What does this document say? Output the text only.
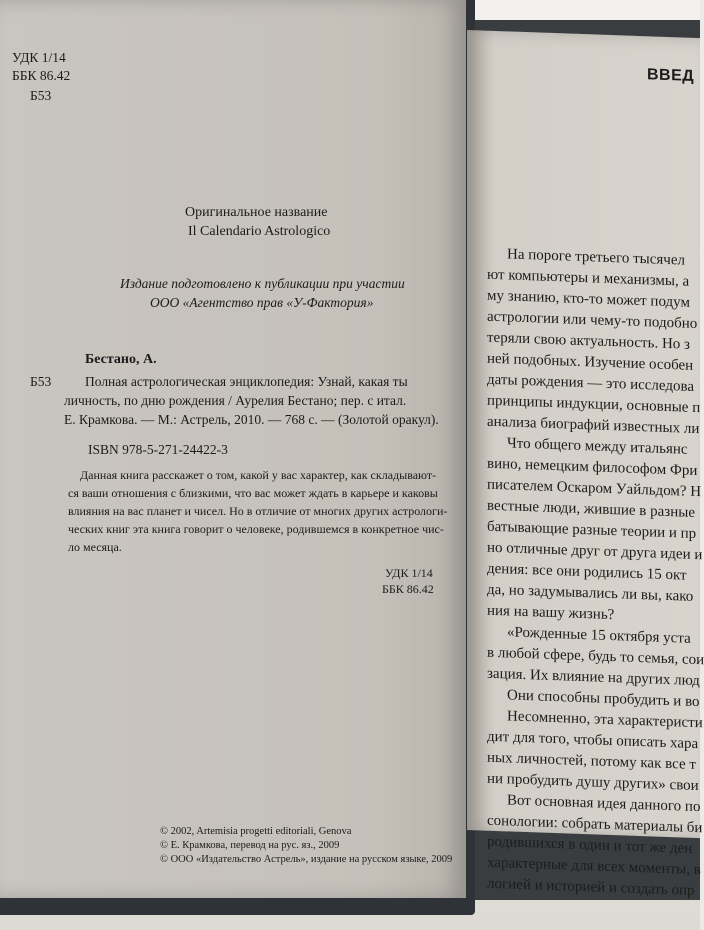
УДК 1/14
ББК 86.42
Б53
Оригинальное название
Il Calendario Astrologico
Издание подготовлено к публикации при участии
ООО «Агентство прав «У-Фактория»
Бестано, А.
Б53 Полная астрологическая энциклопедия: Узнай, какая ты
личность, по дню рождения / Аурелия Бестано; пер. с итал.
Е. Крамкова. — М.: Астрель, 2010. — 768 с. — (Золотой оракул).
ISBN 978-5-271-24422-3
Данная книга расскажет о том, какой у вас характер, как складывают-
ся ваши отношения с близкими, что вас может ждать в карьере и каковы
влияния на вас планет и чисел. Но в отличие от многих других астрологи-
ческих книг эта книга говорит о человеке, родившемся в конкретное чис-
ло месяца.
УДК 1/14
ББК 86.42
© 2002, Artemisia progetti editoriali, Genova
© Е. Крамкова, перевод на рус. яз., 2009
© ООО «Издательство Астрель», издание на русском языке, 2009
ВВЕД
На пороге третьего тысячел
ют компьютеры и механизмы, а
му знанию, кто-то может подум
астрологии или чему-то подобно
теряли свою актуальность. Но з
ней подобных. Изучение особен
даты рождения — это исследова
принципы индукции, основные п
анализа биографий известных ли
Что общего между итальянс
вино, немецким философом Фри
писателем Оскаром Уайльдом? Н
вестные люди, жившие в разные
батывающие разные теории и пр
но отличные друг от друга идеи и
дения: все они родились 15 окт
да, но задумывались ли вы, како
ния на вашу жизнь?
«Рожденные 15 октября уста
в любой сфере, будь то семья, сои
зация. Их влияние на других люд
Они способны пробудить и во
Несомненно, эта характеристи
дит для того, чтобы описать хара
ных личностей, потому как все т
ни пробудить душу других» свои
Вот основная идея данного по
сонологии: собрать материалы би
родившихся в один и тот же ден
характерные для всех моменты, в
логией и историей и создать опр
